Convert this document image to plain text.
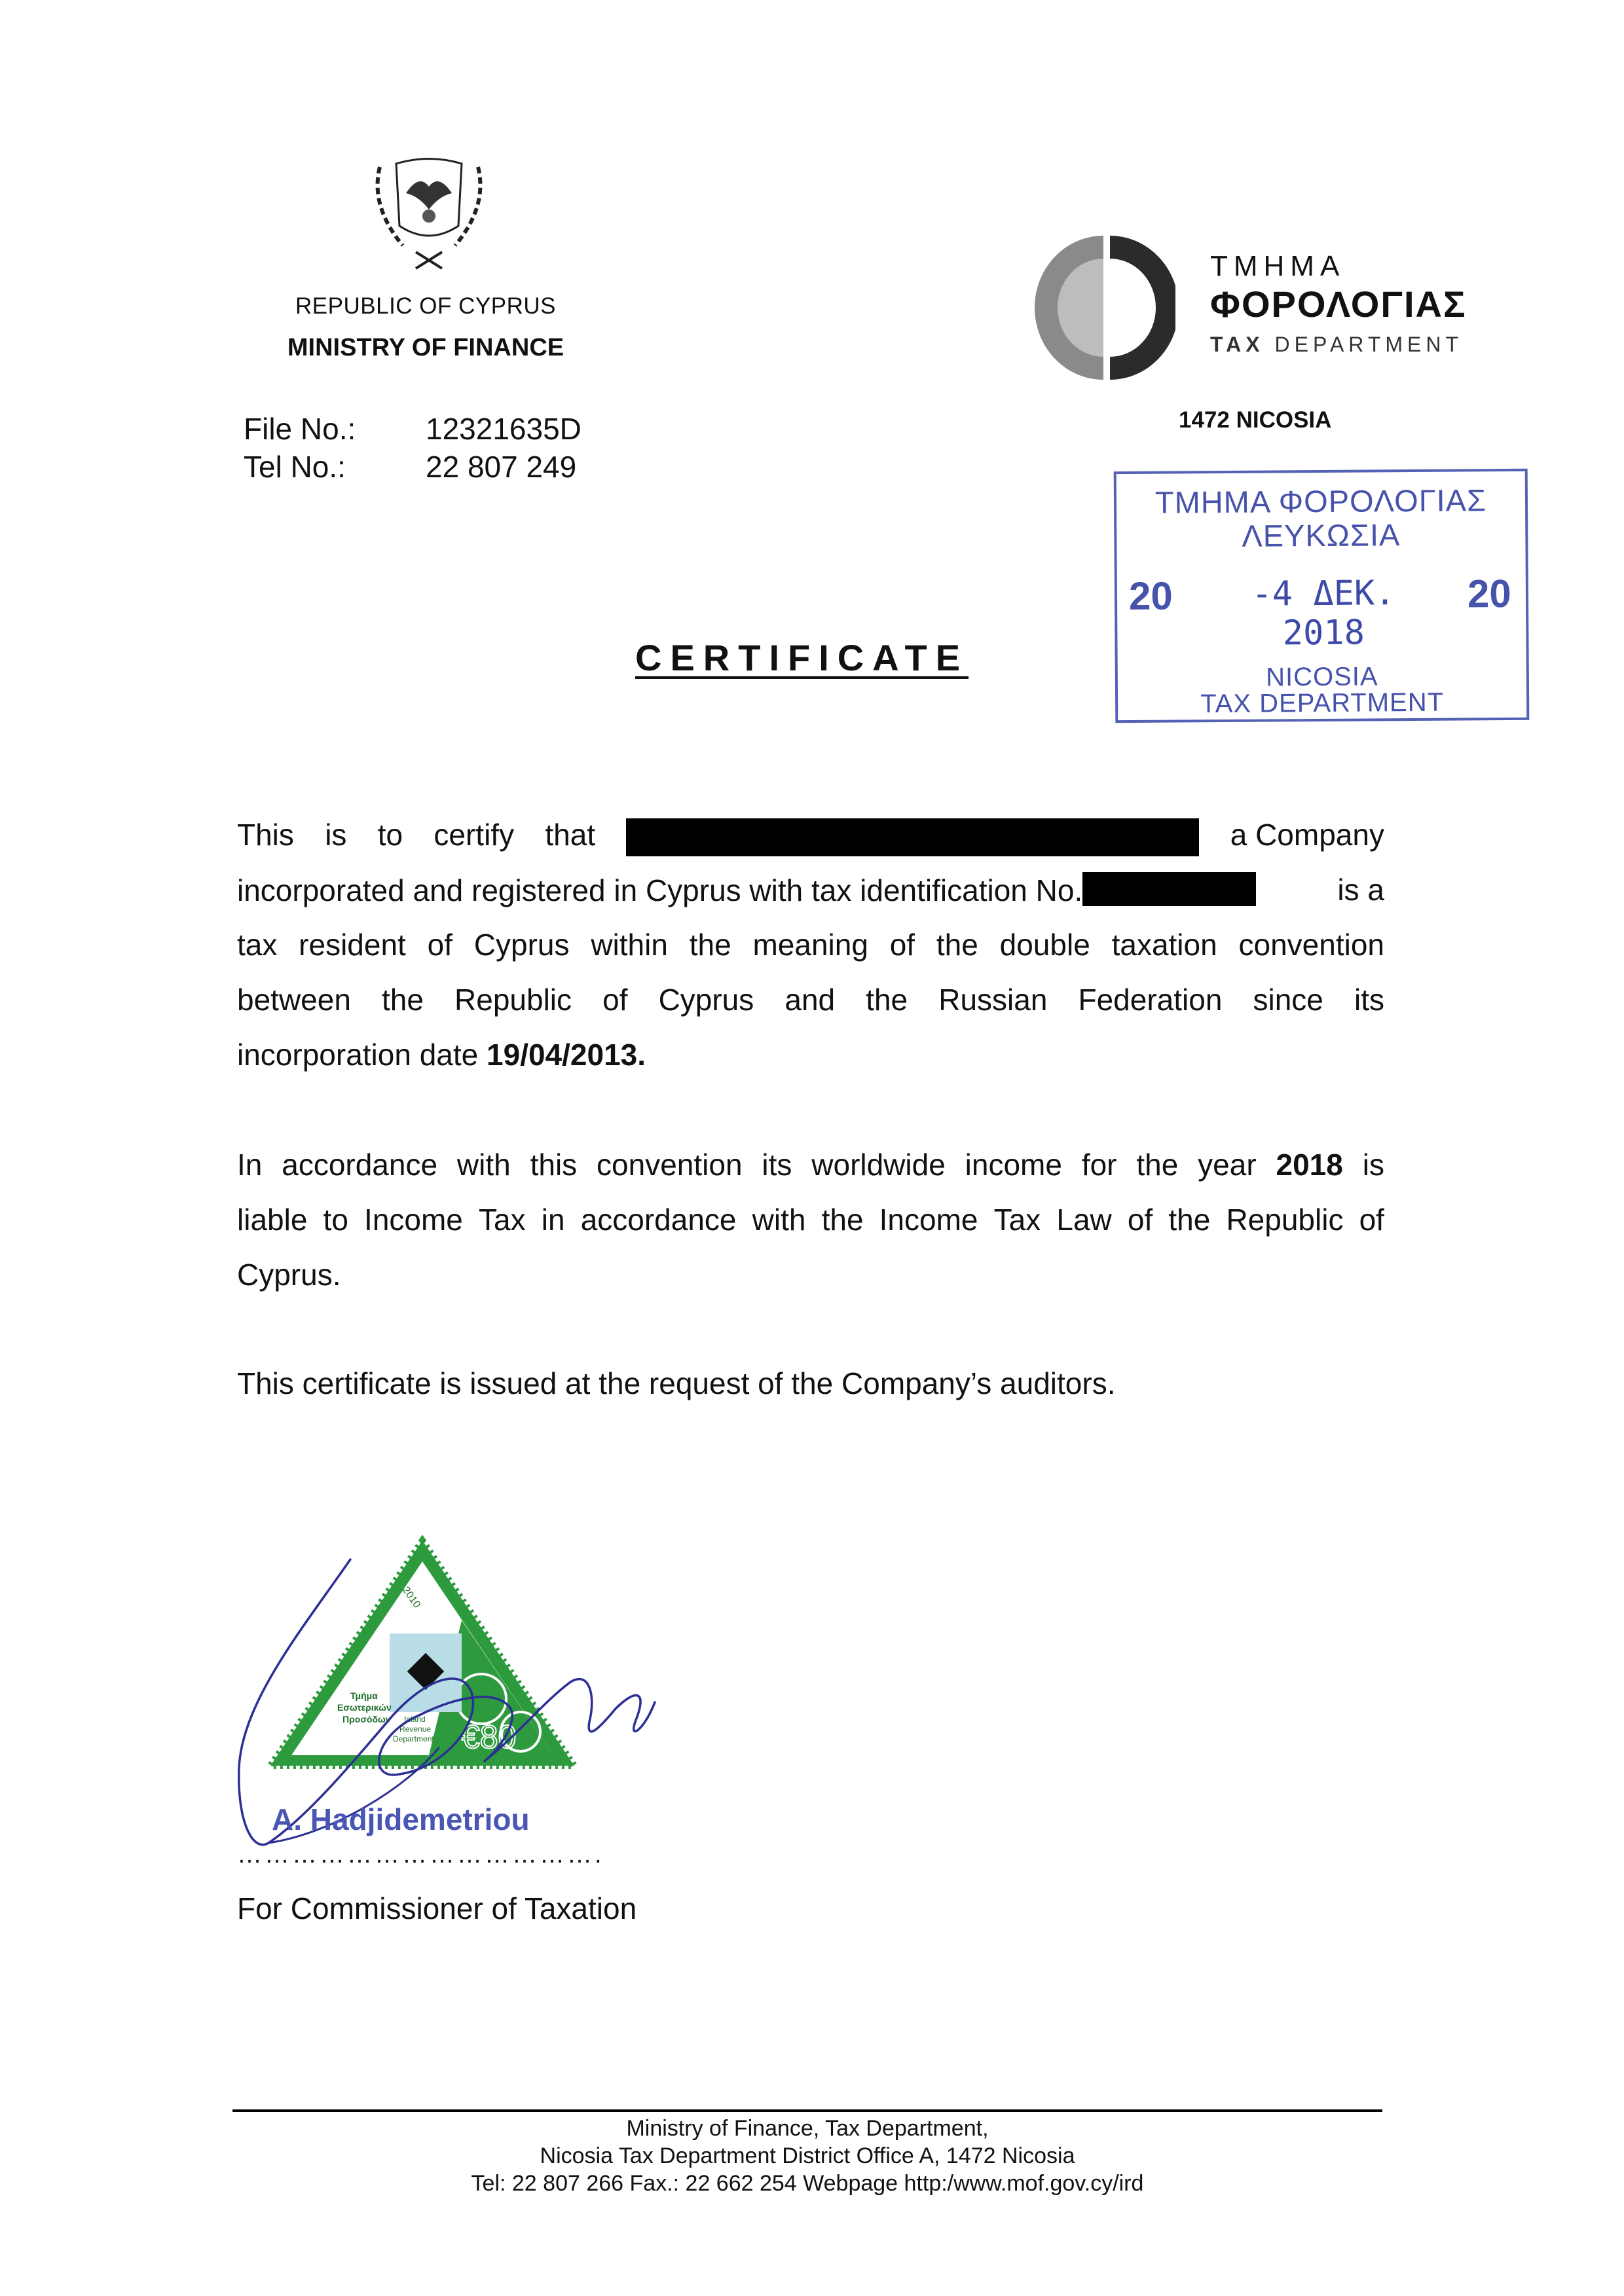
REPUBLIC OF CYPRUS
MINISTRY OF FINANCE
File No.: 12321635D
Tel No.:	22 807 249
ΤΜΗΜΑ
ΦΟΡΟΛΟΓΙΑΣ
TAX DEPARTMENT
1472 NICOSIA
ΤΜΗΜΑ ΦΟΡΟΛΟΓΙΑΣ
ΛΕΥΚΩΣΙΑ
20	-4 ΔΕΚ. 2018
20
NICOSIA
TAX DEPARTMENT
CERTIFICATE
This is to certify that	a Company
incorporated and registered in Cyprus with tax identification No.	is a
tax resident of Cyprus within the meaning of the double taxation convention
between the Republic of Cyprus and the Russian Federation since its
incorporation date 19/04/2013.
In accordance with this convention its worldwide income for the year 2018 is
liable to Income Tax in accordance with the Income Tax Law of the Republic of
Cyprus.
This certificate is issued at the request of the Company’s auditors.
Τμήμα
Εσωτερικών
Προσόδων Inland
Revenue
Department
2010
€80
A. Hadjidemetriou
………………………………….
For Commissioner of Taxation
Ministry of Finance, Tax Department,
Nicosia Tax Department District Office A, 1472 Nicosia
Tel: 22 807 266 Fax.: 22 662 254 Webpage http:/www.mof.gov.cy/ird
